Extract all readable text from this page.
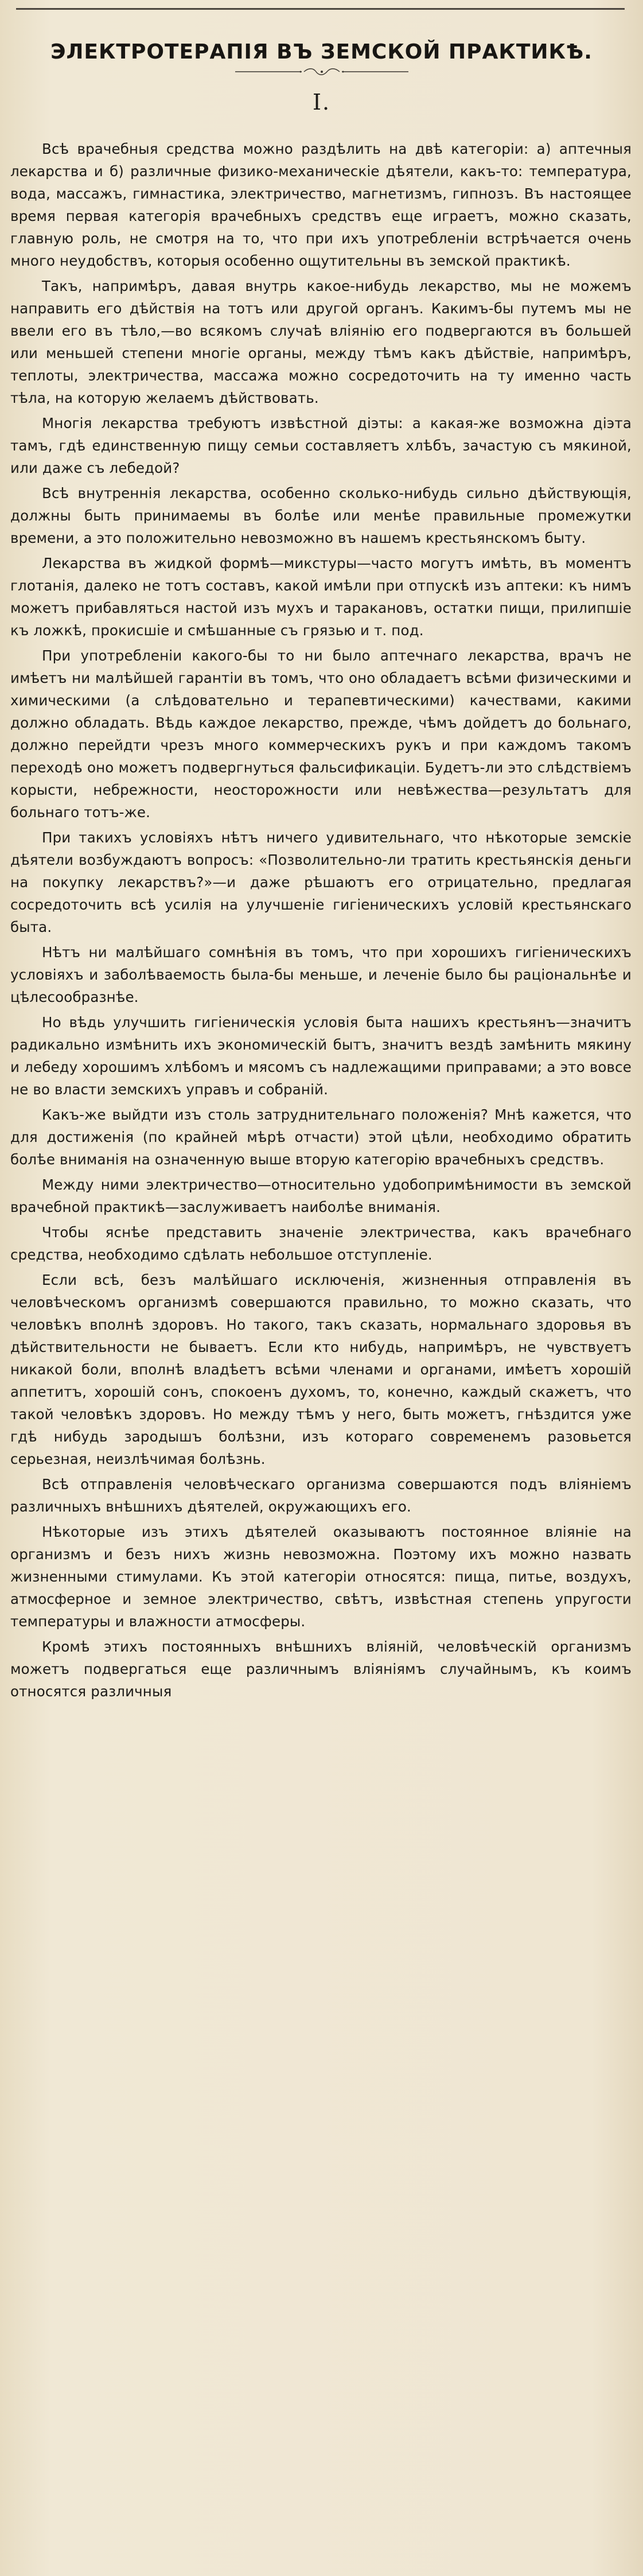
ЭЛЕКТРОТЕРАПІЯ ВЪ ЗЕМСКОЙ ПРАКТИКѢ.
I.

Всѣ врачебныя средства можно раздѣлить на двѣ категоріи: а) аптечныя лекарства и б) различные физико-механическіе дѣятели, какъ-то: температура, вода, массажъ, гимнастика, электричество, магнетизмъ, гипнозъ. Въ настоящее время первая категорія врачебныхъ средствъ еще играетъ, можно сказать, главную роль, не смотря на то, что при ихъ употребленіи встрѣчается очень много неудобствъ, которыя особенно ощутительны въ земской практикѣ.

Такъ, напримѣръ, давая внутрь какое-нибудь лекарство, мы не можемъ направить его дѣйствія на тотъ или другой органъ. Какимъ-бы путемъ мы не ввели его въ тѣло,—во всякомъ случаѣ вліянію его подвергаются въ большей или меньшей степени многіе органы, между тѣмъ какъ дѣйствіе, напримѣръ, теплоты, электричества, массажа можно сосредоточить на ту именно часть тѣла, на которую желаемъ дѣйствовать.

Многія лекарства требуютъ извѣстной діэты: а какая-же возможна діэта тамъ, гдѣ единственную пищу семьи составляетъ хлѣбъ, зачастую съ мякиной, или даже съ лебедой?

Всѣ внутреннія лекарства, особенно сколько-нибудь сильно дѣйствующія, должны быть принимаемы въ болѣе или менѣе правильные промежутки времени, а это положительно невозможно въ нашемъ крестьянскомъ быту.

Лекарства въ жидкой формѣ—микстуры—часто могутъ имѣть, въ моментъ глотанія, далеко не тотъ составъ, какой имѣли при отпускѣ изъ аптеки: къ нимъ можетъ прибавляться настой изъ мухъ и таракановъ, остатки пищи, прилипшіе къ ложкѣ, прокисшіе и смѣшанные съ грязью и т. под.

При употребленіи какого-бы то ни было аптечнаго лекарства, врачъ не имѣетъ ни малѣйшей гарантіи въ томъ, что оно обладаетъ всѣми физическими и химическими (а слѣдовательно и терапевтическими) качествами, какими должно обладать. Вѣдь каждое лекарство, прежде, чѣмъ дойдетъ до больнаго, должно перейдти чрезъ много коммерческихъ рукъ и при каждомъ такомъ переходѣ оно можетъ подвергнуться фальсификаціи. Будетъ-ли это слѣдствіемъ корысти, небрежности, неосторожности или невѣжества—результатъ для больнаго тотъ-же.

При такихъ условіяхъ нѣтъ ничего удивительнаго, что нѣкоторые земскіе дѣятели возбуждаютъ вопросъ: «Позволительно-ли тратить крестьянскія деньги на покупку лекарствъ?»—и даже рѣшаютъ его отрицательно, предлагая сосредоточить всѣ усилія на улучшеніе гигіеническихъ условій крестьянскаго быта.

Нѣтъ ни малѣйшаго сомнѣнія въ томъ, что при хорошихъ гигіеническихъ условіяхъ и заболѣваемость была-бы меньше, и леченіе было бы раціональнѣе и цѣлесообразнѣе.

Но вѣдь улучшить гигіеническія условія быта нашихъ крестьянъ—значитъ радикально измѣнить ихъ экономическій бытъ, значитъ вездѣ замѣнить мякину и лебеду хорошимъ хлѣбомъ и мясомъ съ надлежащими приправами; а это вовсе не во власти земскихъ управъ и собраній.

Какъ-же выйдти изъ столь затруднительнаго положенія? Мнѣ кажется, что для достиженія (по крайней мѣрѣ отчасти) этой цѣли, необходимо обратить болѣе вниманія на означенную выше вторую категорію врачебныхъ средствъ.

Между ними электричество—относительно удобопримѣнимости въ земской врачебной практикѣ—заслуживаетъ наиболѣе вниманія.

Чтобы яснѣе представить значеніе электричества, какъ врачебнаго средства, необходимо сдѣлать небольшое отступленіе.

Если всѣ, безъ малѣйшаго исключенія, жизненныя отправленія въ человѣческомъ организмѣ совершаются правильно, то можно сказать, что человѣкъ вполнѣ здоровъ. Но такого, такъ сказать, нормальнаго здоровья въ дѣйствительности не бываетъ. Если кто нибудь, напримѣръ, не чувствуетъ никакой боли, вполнѣ владѣетъ всѣми членами и органами, имѣетъ хорошій аппетитъ, хорошій сонъ, спокоенъ духомъ, то, конечно, каждый скажетъ, что такой человѣкъ здоровъ. Но между тѣмъ у него, быть можетъ, гнѣздится уже гдѣ нибудь зародышъ болѣзни, изъ котораго современемъ разовьется серьезная, неизлѣчимая болѣзнь.

Всѣ отправленія человѣческаго организма совершаются подъ вліяніемъ различныхъ внѣшнихъ дѣятелей, окружающихъ его.

Нѣкоторые изъ этихъ дѣятелей оказываютъ постоянное вліяніе на организмъ и безъ нихъ жизнь невозможна. Поэтому ихъ можно назвать жизненными стимулами. Къ этой категоріи относятся: пища, питье, воздухъ, атмосферное и земное электричество, свѣтъ, извѣстная степень упругости температуры и влажности атмосферы.

Кромѣ этихъ постоянныхъ внѣшнихъ вліяній, человѣческій организмъ можетъ подвергаться еще различнымъ вліяніямъ случайнымъ, къ коимъ относятся различныя
